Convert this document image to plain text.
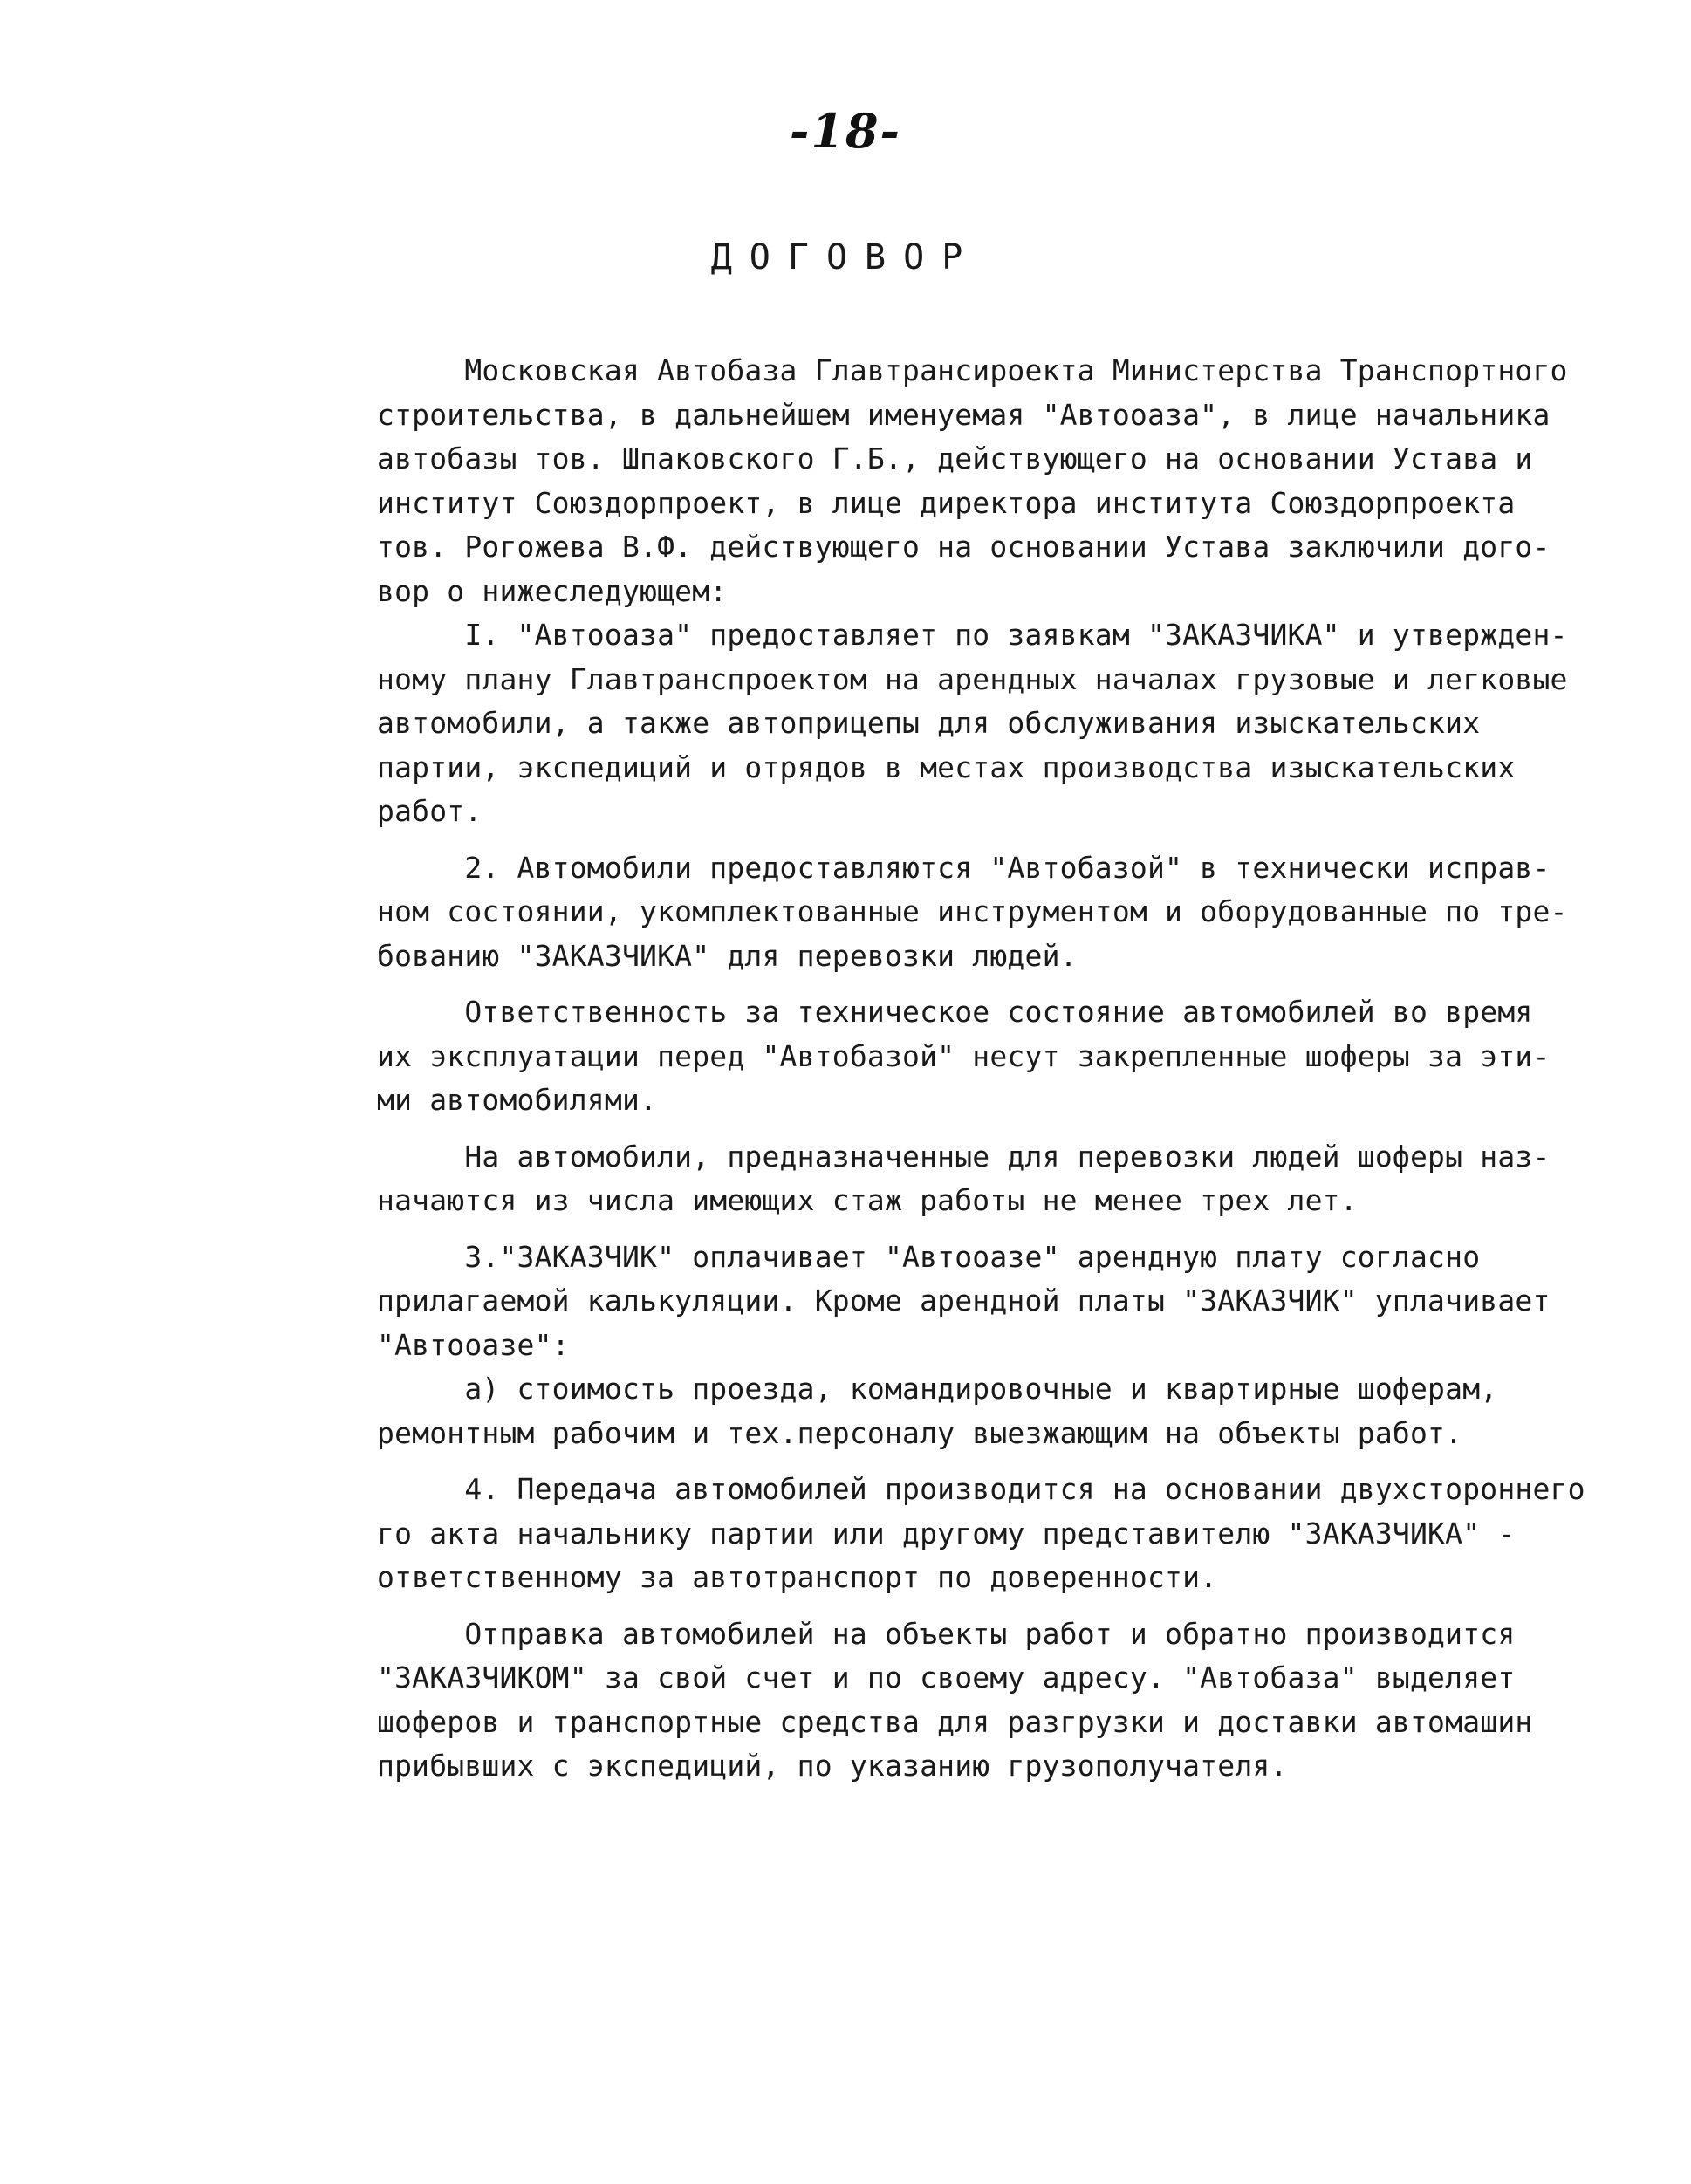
-18-
ДОГОВОР
Московская Автобаза Главтрансироекта Министерства Транспортного
строительства, в дальнейшем именуемая "Автооаза", в лице начальника
автобазы тов. Шпаковского Г.Б., действующего на основании Устава и
институт Союздорпроект, в лице директора института Союздорпроекта
тов. Рогожева В.Ф. действующего на основании Устава заключили дого-
вор о нижеследующем:
I. "Автооаза" предоставляет по заявкам "ЗАКАЗЧИКА" и утвержден-
ному плану Главтранспроектом на арендных началах грузовые и легковые
автомобили, а также автоприцепы для обслуживания изыскательских
партии, экспедиций и отрядов в местах производства изыскательских
работ.
2. Автомобили предоставляются "Автобазой" в технически исправ-
ном состоянии, укомплектованные инструментом и оборудованные по тре-
бованию "ЗАКАЗЧИКА" для перевозки людей.
Ответственность за техническое состояние автомобилей во время
их эксплуатации перед "Автобазой" несут закрепленные шоферы за эти-
ми автомобилями.
На автомобили, предназначенные для перевозки людей шоферы наз-
начаются из числа имеющих стаж работы не менее трех лет.
3."ЗАКАЗЧИК" оплачивает "Автооазе" арендную плату согласно
прилагаемой калькуляции. Кроме арендной платы "ЗАКАЗЧИК" уплачивает
"Автооазе":
а) стоимость проезда, командировочные и квартирные шоферам,
ремонтным рабочим и тех.персоналу выезжающим на объекты работ.
4. Передача автомобилей производится на основании двухстороннего
го акта начальнику партии или другому представителю "ЗАКАЗЧИКА" -
ответственному за автотранспорт по доверенности.
Отправка автомобилей на объекты работ и обратно производится
"ЗАКАЗЧИКОМ" за свой счет и по своему адресу. "Автобаза" выделяет
шоферов и транспортные средства для разгрузки и доставки автомашин
прибывших с экспедиций, по указанию грузополучателя.
